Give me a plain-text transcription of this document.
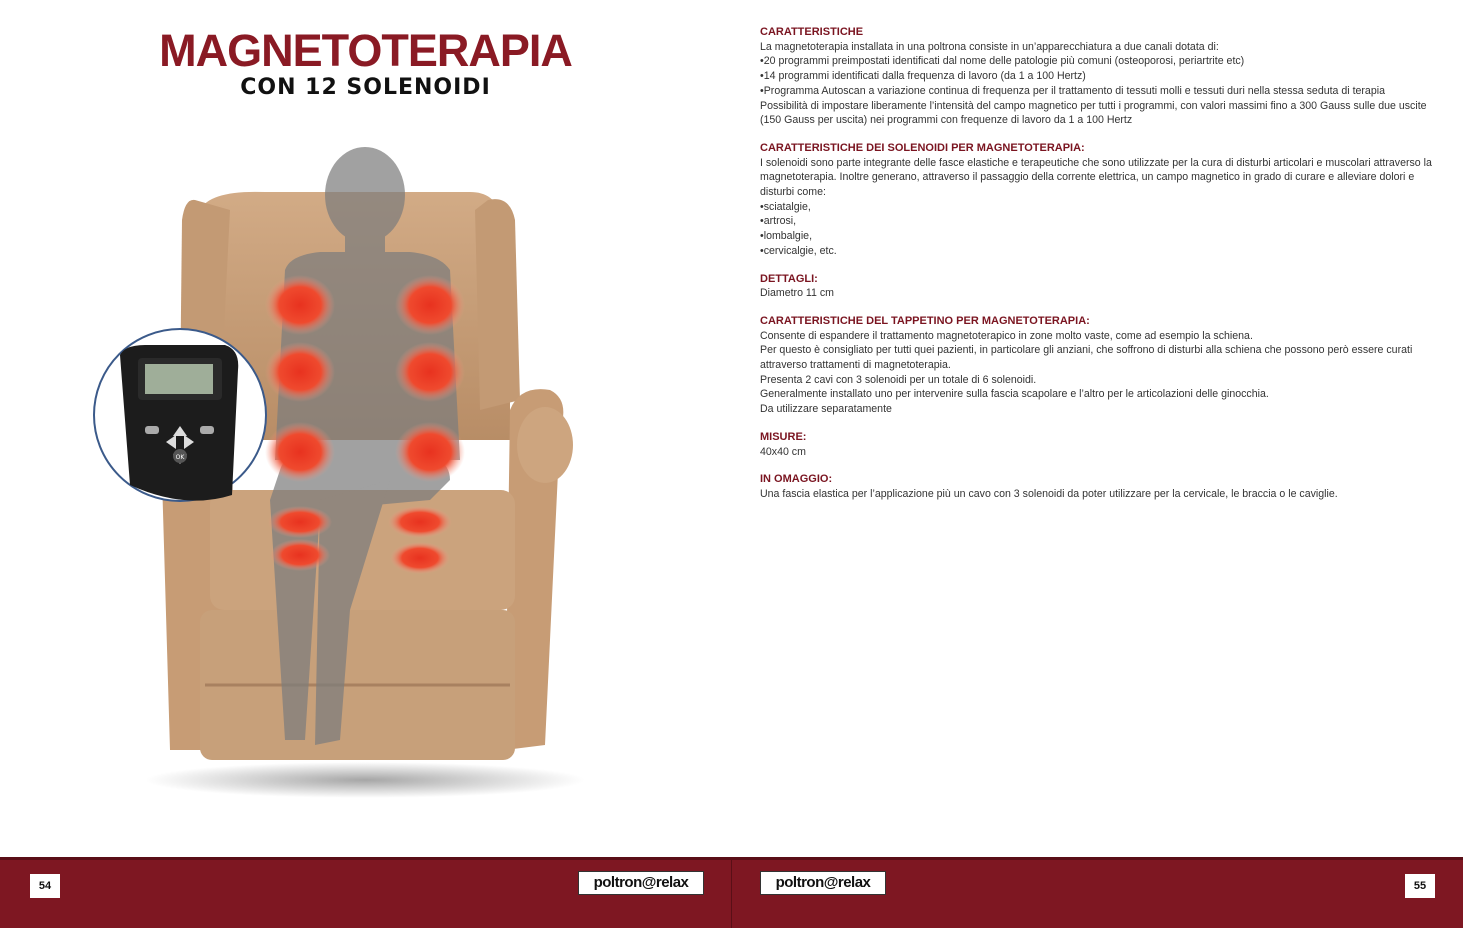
MAGNETOTERAPIA
CON 12 SOLENOIDI
OK
CARATTERISTICHE

La magnetoterapia installata in una poltrona consiste in un’apparecchiatura a due canali dotata di:

• 20 programmi preimpostati identificati dal nome delle patologie più comuni (osteoporosi, periartrite etc)
• 14 programmi identificati dalla frequenza di lavoro (da 1 a 100 Hertz)
• Programma Autoscan a variazione continua di frequenza per il trattamento di tessuti molli e tessuti duri nella stessa seduta di terapia

Possibilità di impostare liberamente l’intensità del campo magnetico per tutti i programmi, con valori massimi fino a 300 Gauss sulle due uscite (150 Gauss per uscita) nei programmi con frequenze di lavoro da 1 a 100 Hertz

CARATTERISTICHE DEI SOLENOIDI PER MAGNETOTERAPIA:

I solenoidi sono parte integrante delle fasce elastiche e terapeutiche che sono utilizzate per la cura di disturbi articolari e muscolari attraverso la magnetoterapia. Inoltre generano, attraverso il passaggio della corrente elettrica, un campo magnetico in grado di curare e alleviare dolori e disturbi come:

• sciatalgie,
• artrosi,
• lombalgie,
• cervicalgie, etc.
DETTAGLI:

Diametro 11 cm

CARATTERISTICHE DEL TAPPETINO PER MAGNETOTERAPIA:

Consente di espandere il trattamento magnetoterapico in zone molto vaste, come ad esempio la schiena.

Per questo è consigliato per tutti quei pazienti, in particolare gli anziani, che soffrono di disturbi alla schiena che possono però essere curati attraverso trattamenti di magnetoterapia.

Presenta 2 cavi con 3 solenoidi per un totale di 6 solenoidi.

Generalmente installato uno per intervenire sulla fascia scapolare e l’altro per le articolazioni delle ginocchia.

Da utilizzare separatamente

MISURE:

40x40 cm

IN OMAGGIO:

Una fascia elastica per l’applicazione più un cavo con 3 solenoidi da poter utilizzare per la cervicale, le braccia o le caviglie.

54	poltron@relax	poltron@relax	55
